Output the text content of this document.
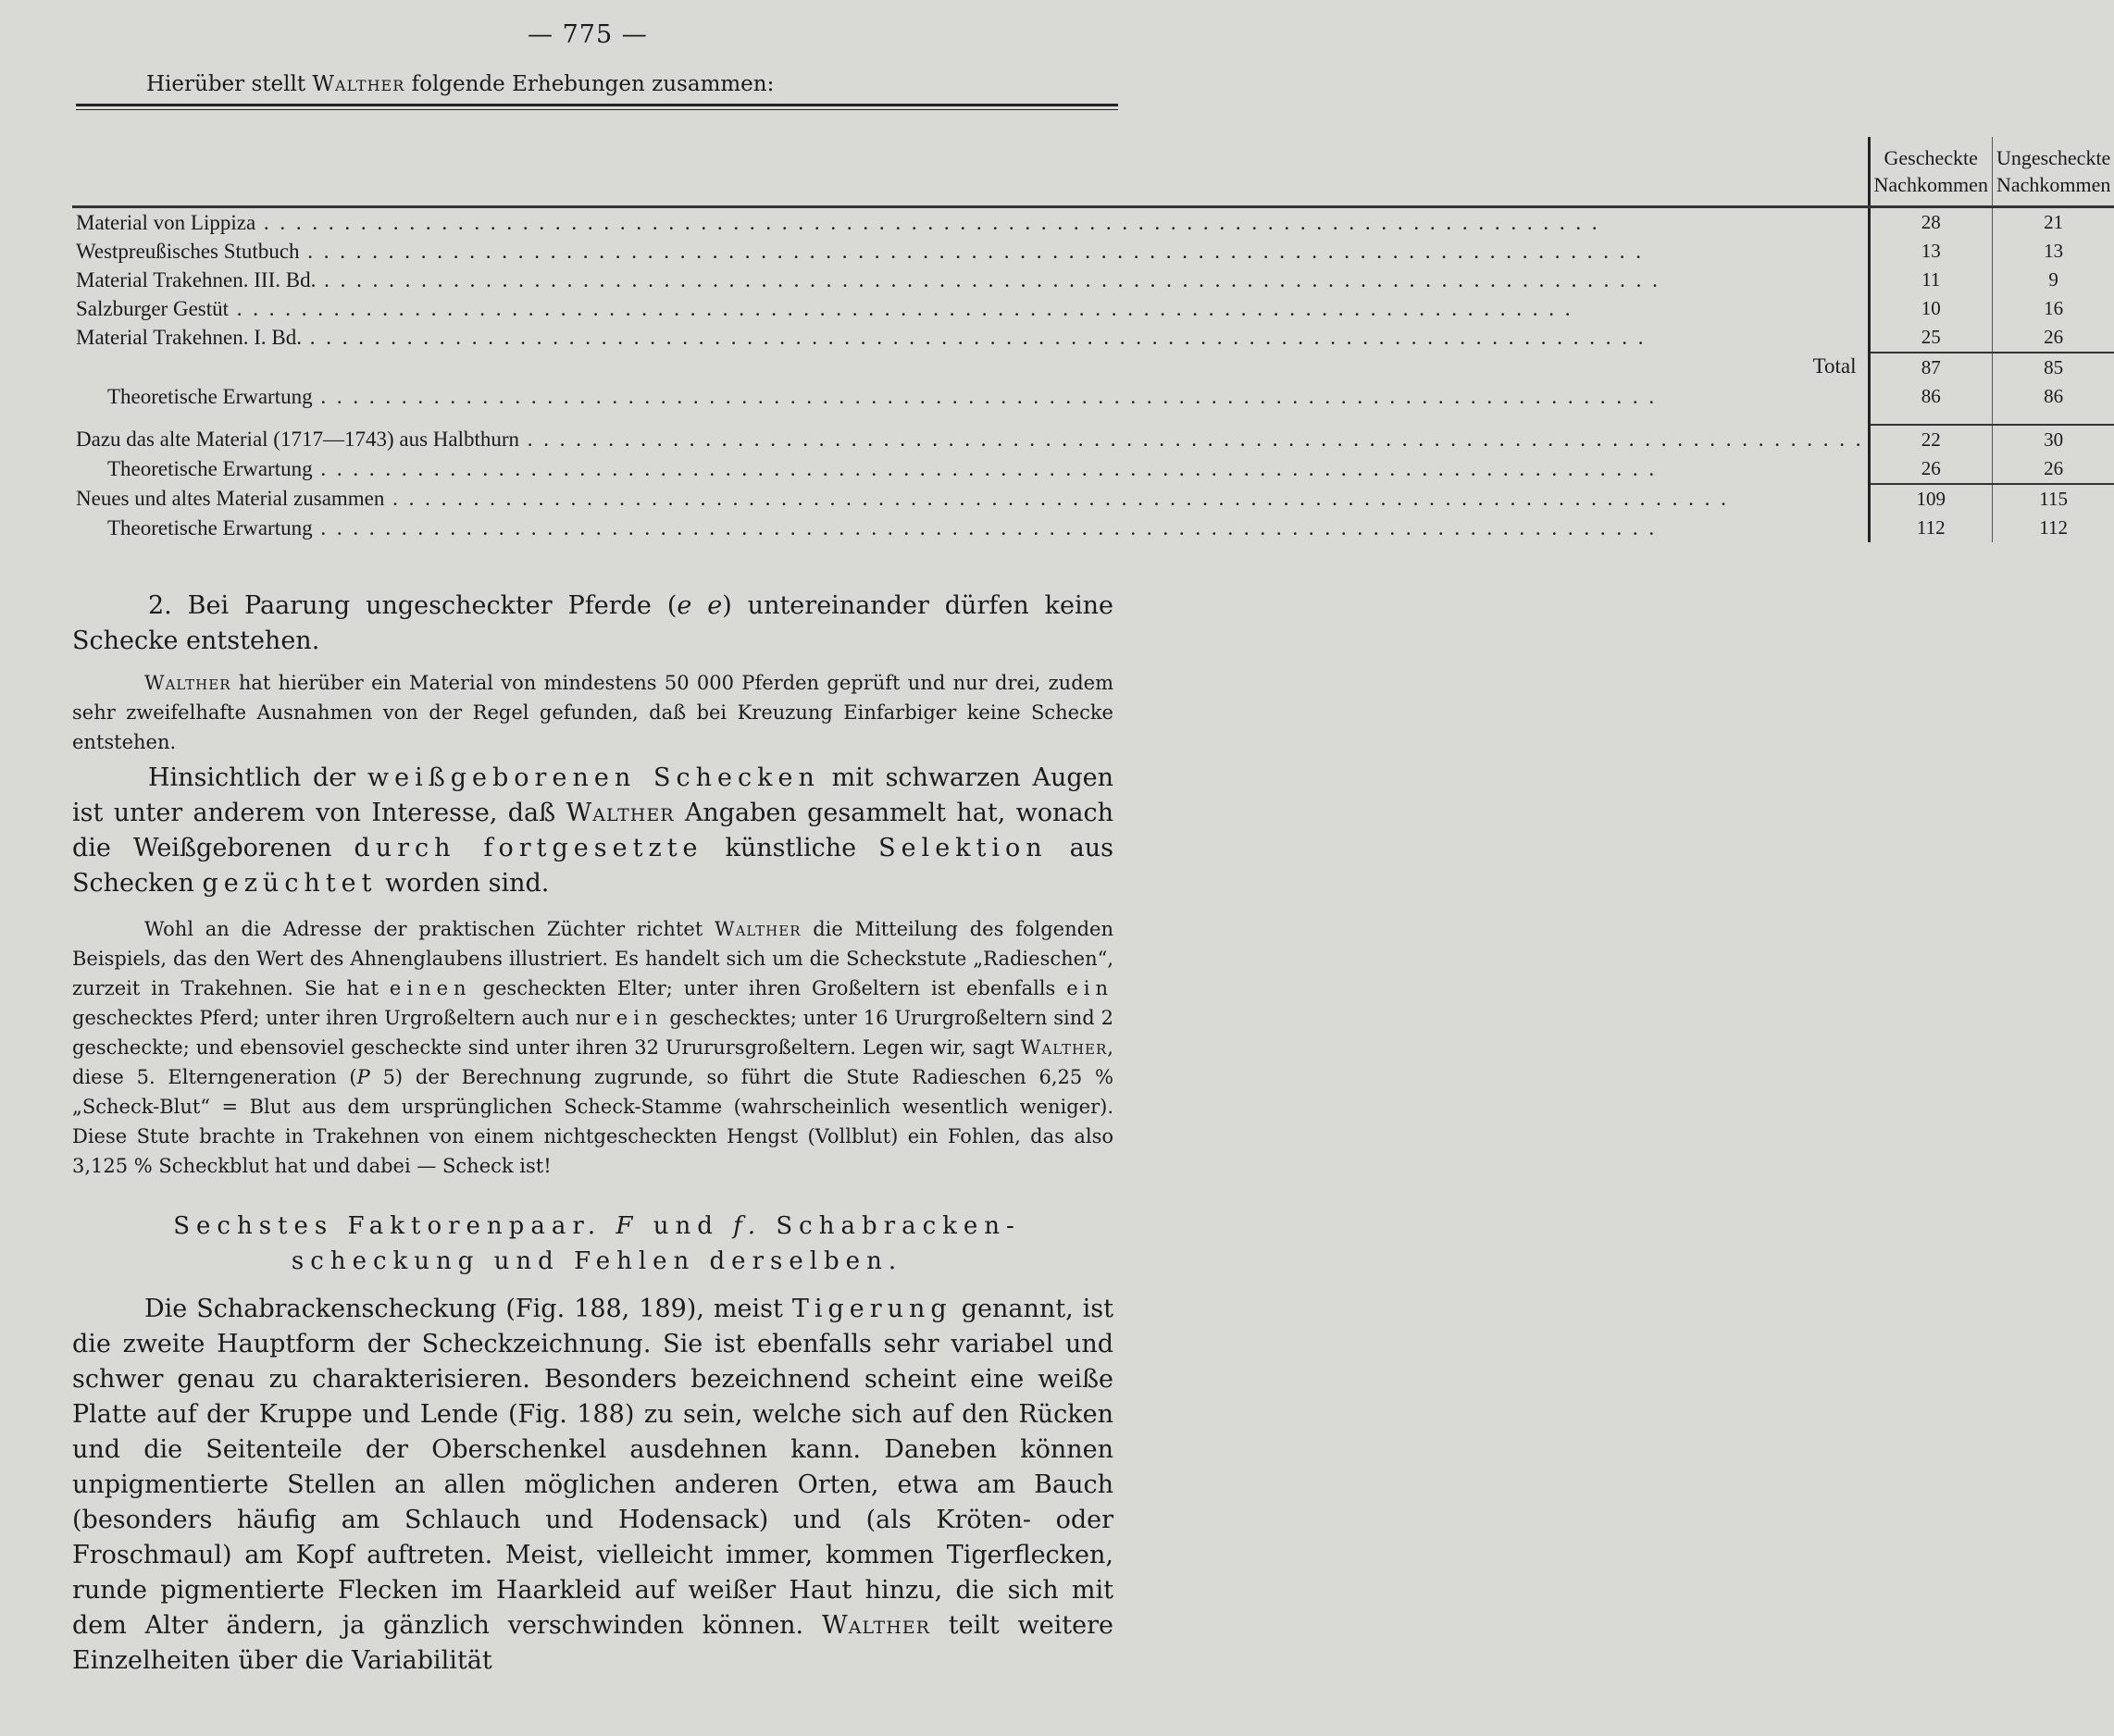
— 775 —
Hierüber stellt Walther folgende Erhebungen zusammen:
	Gescheckte Nachkommen	Ungescheckte Nachkommen
Material von Lippiza . . .	28	21
Westpreußisches Stutbuch . . .	13	13
Material Trakehnen. III. Bd. . . .	11	9
Salzburger Gestüt . . .	10	16
Material Trakehnen. I. Bd. . . .	25	26

Total	87	85
Theoretische Erwartung . . .	86	86

Dazu das alte Material (1717—1743) aus Halbthurn . . .	22	30
Theoretische Erwartung . . .	26	26
Neues und altes Material zusammen . . .	109	115
Theoretische Erwartung . . .	112	112
2. Bei Paarung ungescheckter Pferde (e e) untereinander dürfen keine Schecke entstehen.
Walther hat hierüber ein Material von mindestens 50 000 Pferden geprüft und nur drei, zudem sehr zweifelhafte Ausnahmen von der Regel gefunden, daß bei Kreuzung Einfarbiger keine Schecke entstehen.
Hinsichtlich der weißgeborenen Schecken mit schwarzen Augen ist unter anderem von Interesse, daß Walther Angaben gesammelt hat, wonach die Weißgeborenen durch fortgesetzte künstliche Selektion aus Schecken gezüchtet worden sind.
Wohl an die Adresse der praktischen Züchter richtet Walther die Mitteilung des folgenden Beispiels, das den Wert des Ahnenglaubens illustriert. Es handelt sich um die Scheckstute „Radieschen“, zurzeit in Trakehnen. Sie hat einen gescheckten Elter; unter ihren Großeltern ist ebenfalls ein geschecktes Pferd; unter ihren Urgroßeltern auch nur ein geschecktes; unter 16 Ururgroßeltern sind 2 gescheckte; und ebensoviel gescheckte sind unter ihren 32 Ururursgroßeltern. Legen wir, sagt Walther, diese 5. Elterngeneration (P 5) der Berechnung zugrunde, so führt die Stute Radieschen 6,25 % „Scheck-Blut“ = Blut aus dem ursprünglichen Scheck-Stamme (wahrscheinlich wesentlich weniger). Diese Stute brachte in Trakehnen von einem nichtgescheckten Hengst (Vollblut) ein Fohlen, das also 3,125 % Scheckblut hat und dabei — Scheck ist!
Sechstes Faktorenpaar. F und f. Schabracken-scheckung und Fehlen derselben.
Die Schabrackenscheckung (Fig. 188, 189), meist Tigerung genannt, ist die zweite Hauptform der Scheckzeichnung. Sie ist ebenfalls sehr variabel und schwer genau zu charakterisieren. Besonders bezeichnend scheint eine weiße Platte auf der Kruppe und Lende (Fig. 188) zu sein, welche sich auf den Rücken und die Seitenteile der Oberschenkel ausdehnen kann. Daneben können unpigmentierte Stellen an allen möglichen anderen Orten, etwa am Bauch (besonders häufig am Schlauch und Hodensack) und (als Kröten- oder Froschmaul) am Kopf auftreten. Meist, vielleicht immer, kommen Tigerflecken, runde pigmentierte Flecken im Haarkleid auf weißer Haut hinzu, die sich mit dem Alter ändern, ja gänzlich verschwinden können. Walther teilt weitere Einzelheiten über die Variabilität
